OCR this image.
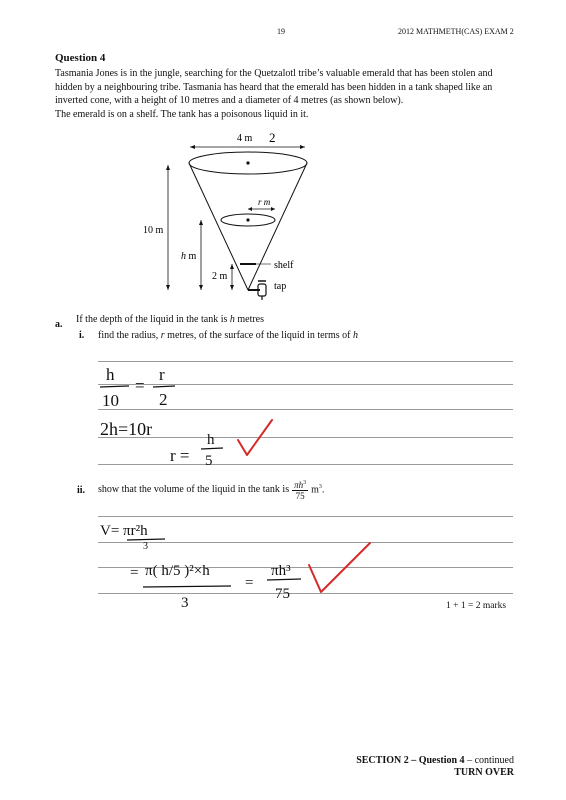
19	2012 MATHMETH(CAS) EXAM 2
Question 4

Tasmania Jones is in the jungle, searching for the Quetzalotl tribe’s valuable emerald that has been stolen and hidden by a neighbouring tribe. Tasmania has heard that the emerald has been hidden in a tank shaped like an inverted cone, with a height of 10 metres and a diameter of 4 metres (as shown below).

The emerald is on a shelf. The tank has a poisonous liquid in it.

4 m 2
r m
10 m
h m
2 m
shelf
tap
a. If the depth of the liquid in the tank is h metres
i. find the radius, r metres, of the surface of the liquid in terms of h
h
10
=
r
2
2h=10r
r =
h
5
ii. show that the volume of the liquid in the tank is $\frac{\pi h^3}{75} m^3$.
V= πr²h
3
= π( h/5 )²×h
3
=
πh³
75
1 + 1 = 2 marks
SECTION 2 – Question 4 – continued
TURN OVER
